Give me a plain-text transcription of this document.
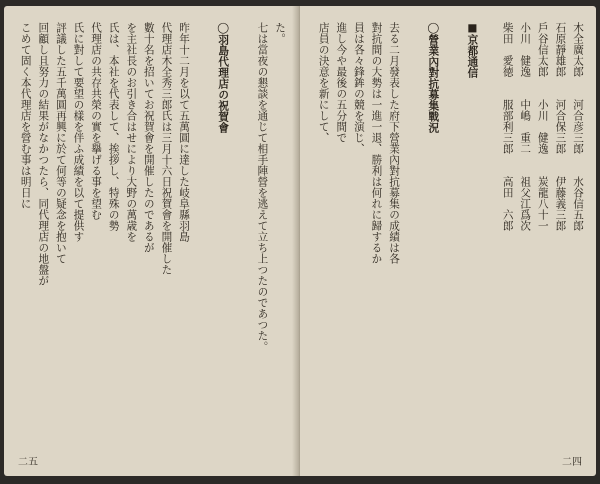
た。
七は當夜の懇談を通じて相手陣營を逃えて立ち上つたのであつた。

◯羽島代理店の祝賀會

昨年十二月を以て五萬圓に達した岐阜縣羽島
代理店木全秀三郎氏は三月十六日祝賀會を開催した
數十名を招いてお祝賀會を開催したのであるが
を主社長のお引き合はせにより大野の萬歳を
氏は、本社を代表して、挨拶し、特殊の勢
代理店の共存共榮の實を擧げる事を望む
氏に對して要望の樣を伴ふ成績を以て提供す
評議した五千萬圓再興に於て何等の疑念を抱いて
回顧し且努力の結果がなかつたら、同代理店の地盤が
こめて固く本代理店を營む事は明日に

二五
木全廣太郎　　河合彦三郎　　水谷信五郎
石原靜雄郎　　河合保三郎　　伊藤義三郎
戶谷信太郎　　小川　健逸　　炭龍八十一
小川　健逸　　中嶋　重二　　祖父江爲次
柴田　愛徳　　服部利三郎　　高田　六郎

■京都通信

◯營業內對抗募集戰況

去る二月發表した府下營業內對抗募集の成績は各
對抗間の大勢は一進一退、勝利は何れに歸するか
員は各々鋒鉾の競を演じ、
進し今や最後の五分間で
店員の決意を新にして、

二四
